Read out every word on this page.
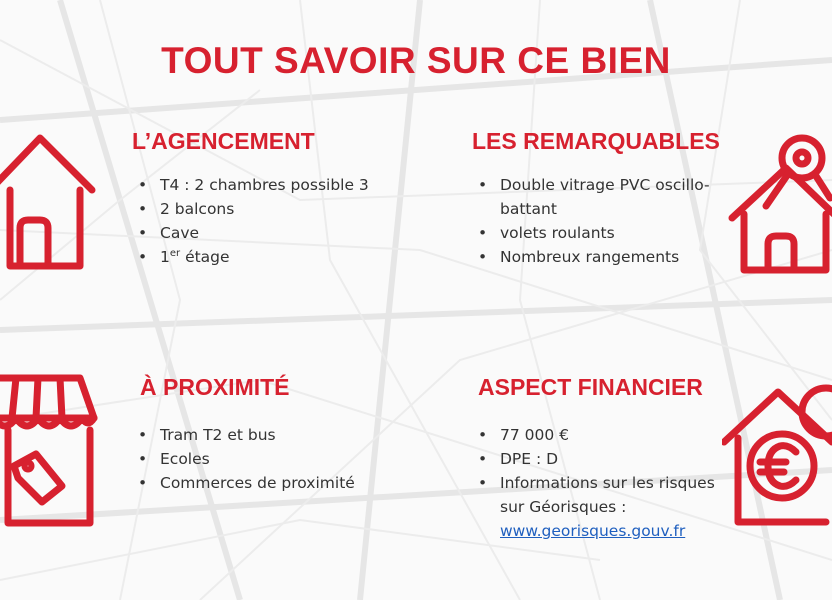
TOUT SAVOIR SUR CE BIEN
L’AGENCEMENT
• T4 : 2 chambres possible 3
• 2 balcons
• Cave
• 1er étage
LES REMARQUABLES
• Double vitrage PVC oscillo-battant
• volets roulants
• Nombreux rangements
À PROXIMITÉ
• Tram T2 et bus
• Ecoles
• Commerces de proximité
ASPECT FINANCIER
• 77 000 €
• DPE : D
• Informations sur les risques sur Géorisques :
www.georisques.gouv.fr
